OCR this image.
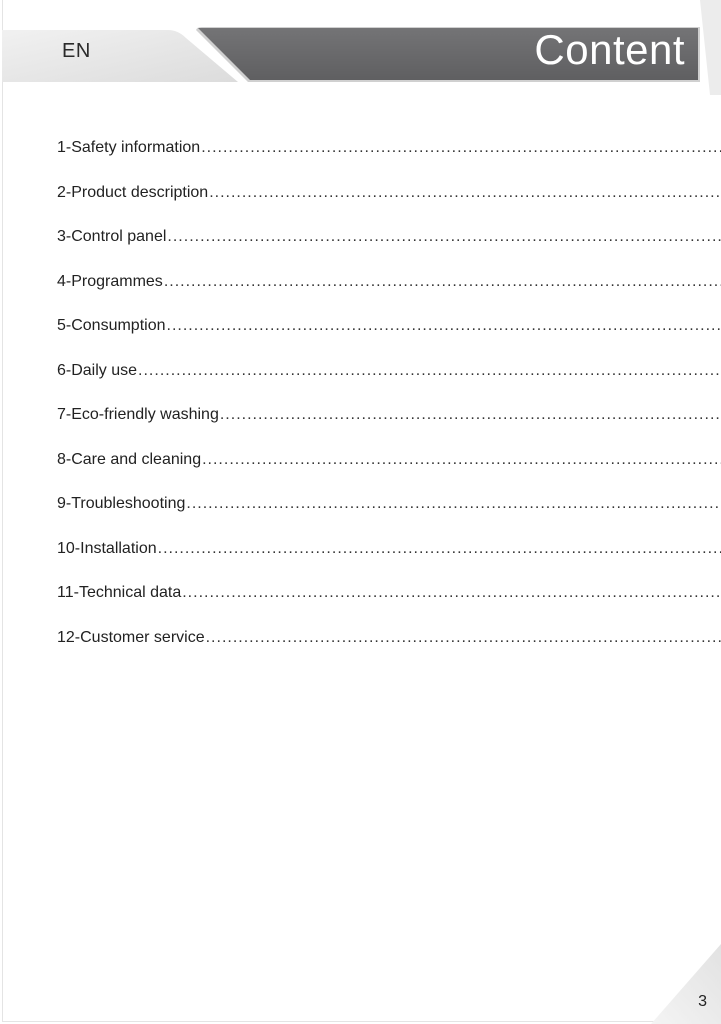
EN	Content
1-Safety information
.....
2-Product description
.....
3-Control panel
.....
4-Programmes
.....
5-Consumption
.....
6-Daily use
.....
7-Eco-friendly washing
.....
8-Care and cleaning
.....
9-Troubleshooting
.....
10-Installation
.....
11-Technical data
.....
12-Customer service
.....
3
